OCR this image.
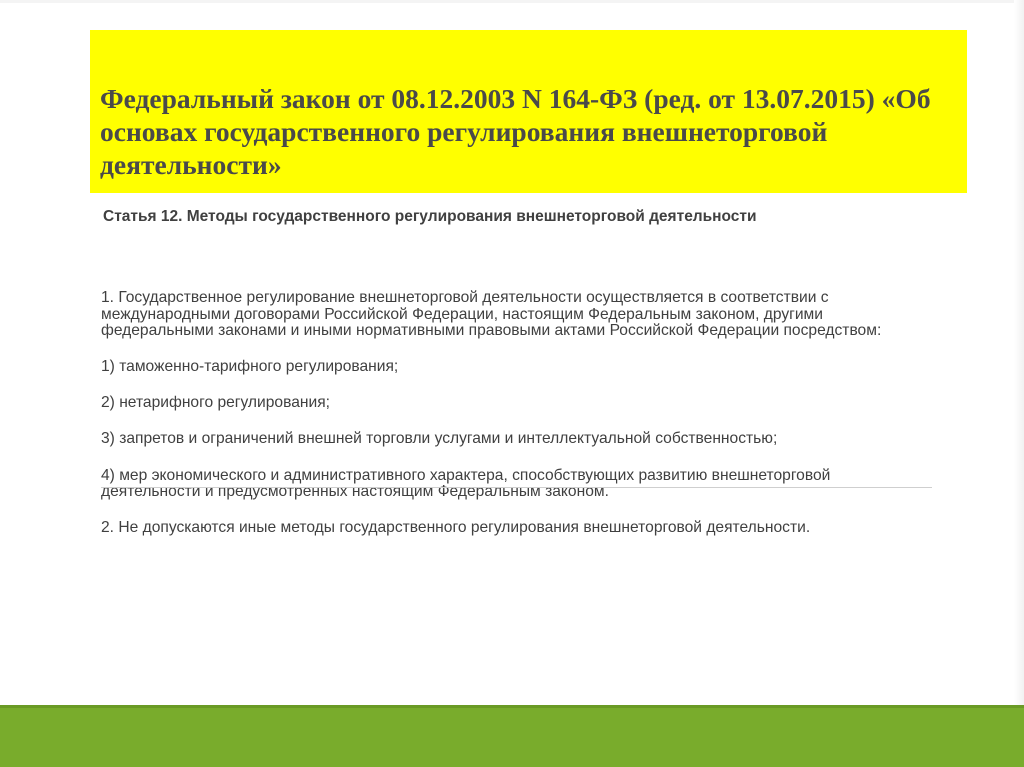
Федеральный закон от 08.12.2003 N 164-ФЗ (ред. от 13.07.2015) «Об основах государственного регулирования внешнеторговой деятельности»
Статья 12. Методы государственного регулирования внешнеторговой деятельности

1. Государственное регулирование внешнеторговой деятельности осуществляется в соответствии с международными договорами Российской Федерации, настоящим Федеральным законом, другими федеральными законами и иными нормативными правовыми актами Российской Федерации посредством:

1) таможенно-тарифного регулирования;

2) нетарифного регулирования;

3) запретов и ограничений внешней торговли услугами и интеллектуальной собственностью;

4) мер экономического и административного характера, способствующих развитию внешнеторговой деятельности и предусмотренных настоящим Федеральным законом.

2. Не допускаются иные методы государственного регулирования внешнеторговой деятельности.
